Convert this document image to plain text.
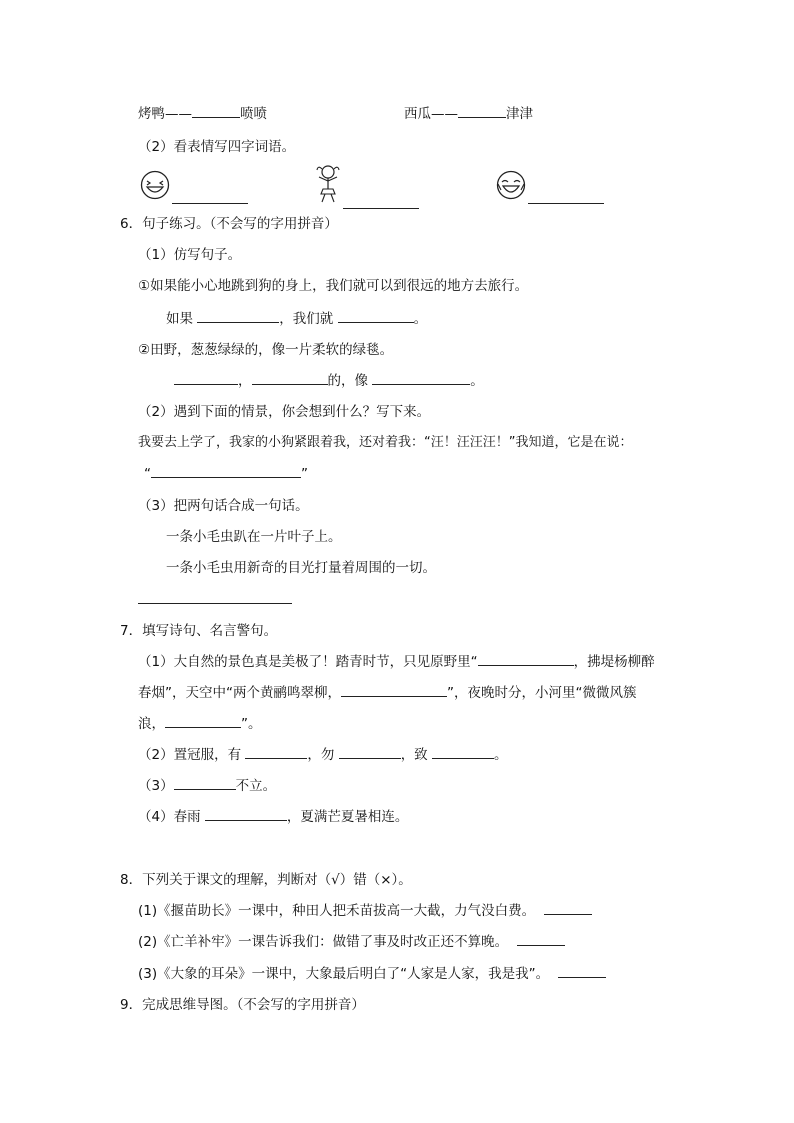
烤鸭——	喷喷	西瓜——	津津
（2）看表情写四字词语。
6．句子练习。（不会写的字用拼音）
（1）仿写句子。
①如果能小心地跳到狗的身上，我们就可以到很远的地方去旅行。
如果	，我们就	。
②田野，葱葱绿绿的，像一片柔软的绿毯。
，	的，像	。
（2）遇到下面的情景，你会想到什么？写下来。
我要去上学了，我家的小狗紧跟着我，还对着我：“汪！汪汪汪！”我知道，它是在说：
“	”
（3）把两句话合成一句话。
一条小毛虫趴在一片叶子上。
一条小毛虫用新奇的目光打量着周围的一切。
7．填写诗句、名言警句。
（1）大自然的景色真是美极了！踏青时节，只见原野里“	，拂堤杨柳醉
春烟”，天空中“两个黄鹂鸣翠柳，	”，夜晚时分，小河里“微微风簇
浪，	”。
（2）置冠服，有	，勿	，致	。
（3）	不立。
（4）春雨	，夏满芒夏暑相连。
8．下列关于课文的理解，判断对（√）错（×）。
(1)《揠苗助长》一课中，种田人把禾苗拔高一大截，力气没白费。
(2)《亡羊补牢》一课告诉我们：做错了事及时改正还不算晚。
(3)《大象的耳朵》一课中，大象最后明白了“人家是人家，我是我”。
9．完成思维导图。（不会写的字用拼音）
